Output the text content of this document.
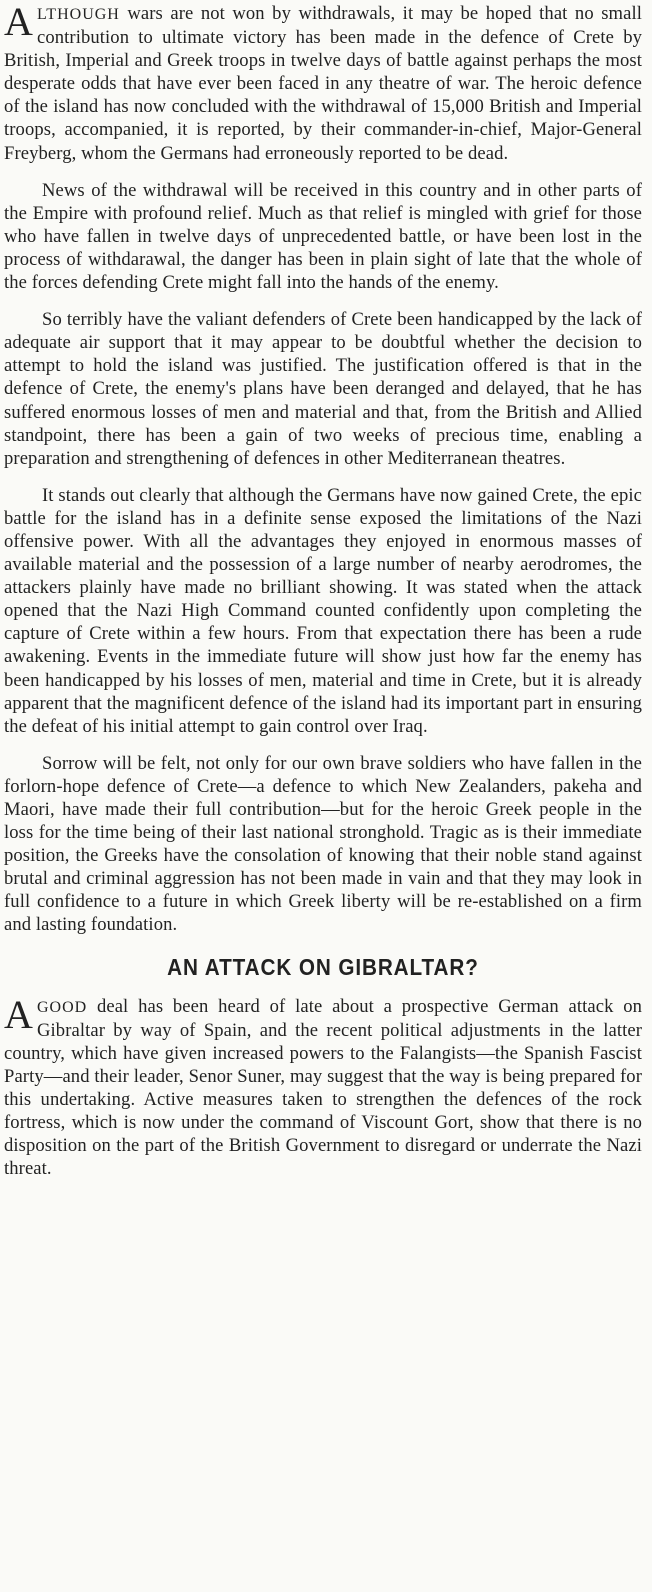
ALTHOUGH wars are not won by withdrawals, it may be hoped that no small contribution to ultimate victory has been made in the defence of Crete by British, Imperial and Greek troops in twelve days of battle against perhaps the most desperate odds that have ever been faced in any theatre of war. The heroic defence of the island has now concluded with the withdrawal of 15,000 British and Imperial troops, accompanied, it is reported, by their commander-in-chief, Major-General Freyberg, whom the Germans had erroneously reported to be dead.

News of the withdrawal will be received in this country and in other parts of the Empire with profound relief. Much as that relief is mingled with grief for those who have fallen in twelve days of unprecedented battle, or have been lost in the process of withdarawal, the danger has been in plain sight of late that the whole of the forces defending Crete might fall into the hands of the enemy.

So terribly have the valiant defenders of Crete been handicapped by the lack of adequate air support that it may appear to be doubtful whether the decision to attempt to hold the island was justified. The justification offered is that in the defence of Crete, the enemy's plans have been deranged and delayed, that he has suffered enormous losses of men and material and that, from the British and Allied standpoint, there has been a gain of two weeks of precious time, enabling a preparation and strengthening of defences in other Mediterranean theatres.

It stands out clearly that although the Germans have now gained Crete, the epic battle for the island has in a definite sense exposed the limitations of the Nazi offensive power. With all the advantages they enjoyed in enormous masses of available material and the possession of a large number of nearby aerodromes, the attackers plainly have made no brilliant showing. It was stated when the attack opened that the Nazi High Command counted confidently upon completing the capture of Crete within a few hours. From that expectation there has been a rude awakening. Events in the immediate future will show just how far the enemy has been handicapped by his losses of men, material and time in Crete, but it is already apparent that the magnificent defence of the island had its important part in ensuring the defeat of his initial attempt to gain control over Iraq.

Sorrow will be felt, not only for our own brave soldiers who have fallen in the forlorn-hope defence of Crete—a defence to which New Zealanders, pakeha and Maori, have made their full contribution—but for the heroic Greek people in the loss for the time being of their last national stronghold. Tragic as is their immediate position, the Greeks have the consolation of knowing that their noble stand against brutal and criminal aggression has not been made in vain and that they may look in full confidence to a future in which Greek liberty will be re-established on a firm and lasting foundation.

AN ATTACK ON GIBRALTAR?

AGOOD deal has been heard of late about a prospective German attack on Gibraltar by way of Spain, and the recent political adjustments in the latter country, which have given increased powers to the Falangists—the Spanish Fascist Party—and their leader, Senor Suner, may suggest that the way is being prepared for this undertaking. Active measures taken to strengthen the defences of the rock fortress, which is now under the command of Viscount Gort, show that there is no disposition on the part of the British Government to disregard or underrate the Nazi threat.
